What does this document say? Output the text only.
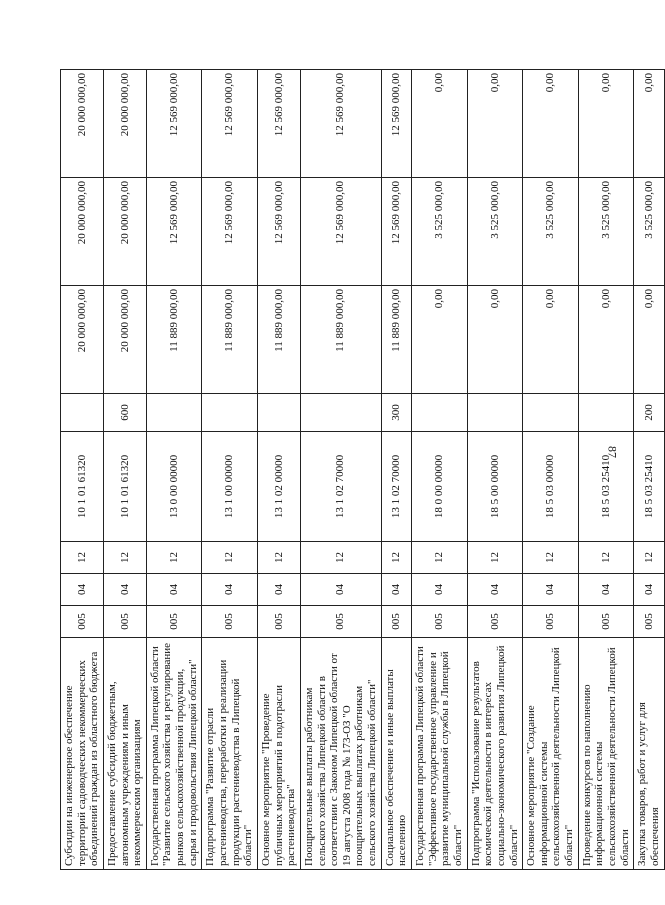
87
Субсидии на инженерное обеспечение территорий садоводческих некоммерческих объединений граждан из областного бюджета	005	04	12	10 1 01 61320		20 000 000,00	20 000 000,00	20 000 000,00
Предоставление субсидий бюджетным, автономным учреждениям и иным некоммерческим организациям	005	04	12	10 1 01 61320	600	20 000 000,00	20 000 000,00	20 000 000,00
Государственная программа Липецкой области "Развитие сельского хозяйства и регулирование рынков сельскохозяйственной продукции, сырья и продовольствия Липецкой области"	005	04	12	13 0 00 00000		11 889 000,00	12 569 000,00	12 569 000,00
Подпрограмма "Развитие отрасли растениеводства, переработки и реализации продукции растениеводства в Липецкой области"	005	04	12	13 1 00 00000		11 889 000,00	12 569 000,00	12 569 000,00
Основное мероприятие "Проведение публичных мероприятий в подотрасли растениеводства"	005	04	12	13 1 02 00000		11 889 000,00	12 569 000,00	12 569 000,00
Поощрительные выплаты работникам сельского хозяйства Липецкой области в соответствии с Законом Липецкой области от 19 августа 2008 года № 173-ОЗ "О поощрительных выплатах работникам сельского хозяйства Липецкой области"	005	04	12	13 1 02 70000		11 889 000,00	12 569 000,00	12 569 000,00
Социальное обеспечение и иные выплаты населению	005	04	12	13 1 02 70000	300	11 889 000,00	12 569 000,00	12 569 000,00
Государственная программа Липецкой области "Эффективное государственное управление и развитие муниципальной службы в Липецкой области"	005	04	12	18 0 00 00000		0,00	3 525 000,00	0,00
Подпрограмма "Использование результатов космической деятельности в интересах социально-экономического развития Липецкой области"	005	04	12	18 5 00 00000		0,00	3 525 000,00	0,00
Основное мероприятие "Создание информационной системы сельскохозяйственной деятельности Липецкой области"	005	04	12	18 5 03 00000		0,00	3 525 000,00	0,00
Проведение конкурсов по наполнению информационной системы сельскохозяйственной деятельности Липецкой области	005	04	12	18 5 03 25410		0,00	3 525 000,00	0,00
Закупка товаров, работ и услуг для обеспечения	005	04	12	18 5 03 25410	200	0,00	3 525 000,00	0,00
